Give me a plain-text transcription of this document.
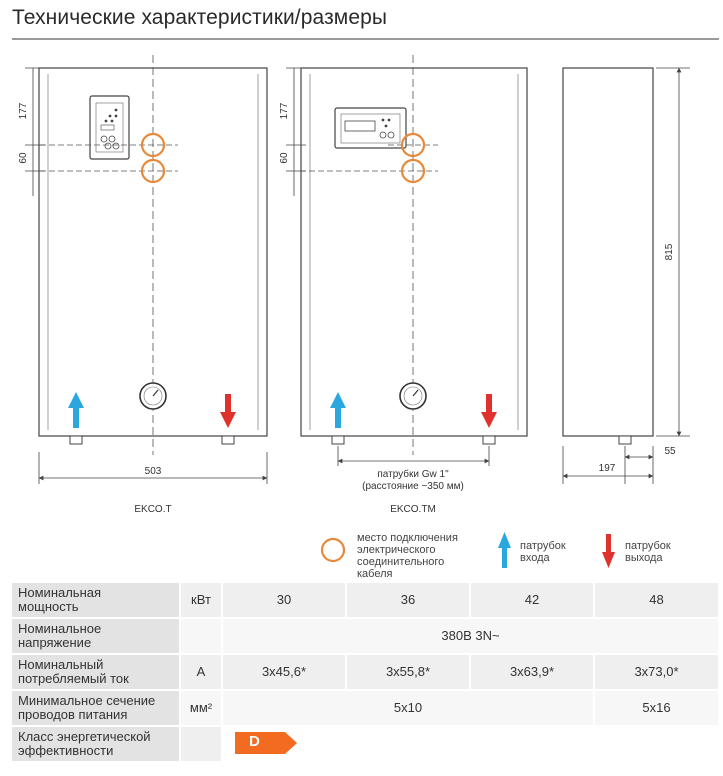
Технические характеристики/размеры
177
60
503
EKCO.T
177
60
патрубки Gw 1"
(расстояние ~350 мм)
EKCO.TM
815
55
197
место подключения
электрического
соединительного
кабеля
патрубок
входа
патрубок
выхода
Номинальная
мощность	кВт	30	36	42	48

Номинальное
напряжение		380В 3N~			

Номинальный
потребляемый ток	A	3x45,6*	3x55,8*	3x63,9*	3x73,0*

Минимальное сечение
проводов питания	мм²	5x10			5x16

Класс энергетической
эффективности		D			
